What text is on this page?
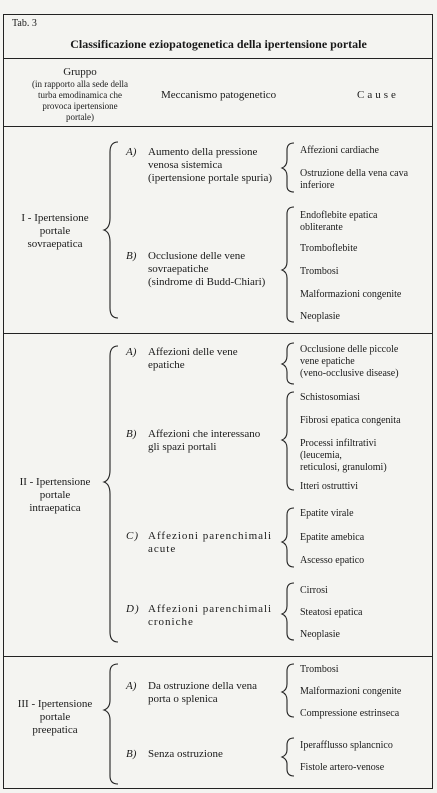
Tab. 3
Classificazione eziopatogenetica della ipertensione portale
Gruppo
(in rapporto alla sede della
turba emodinamica che
provoca ipertensione
portale)
Meccanismo patogenetico	Cause
I - Ipertensione
portale
sovraepatica
A) Aumento della pressione
venosa sistemica
(ipertensione portale spuria)
Affezioni cardiache
Ostruzione della vena cava
inferiore
B) Occlusione delle vene
sovraepatiche
(sindrome di Budd-Chiari)
Endoflebite epatica
obliterante
Tromboflebite
Trombosi
Malformazioni congenite
Neoplasie
II - Ipertensione
portale
intraepatica
A) Affezioni delle vene
epatiche
Occlusione delle piccole
vene epatiche
(veno-occlusive disease)
B) Affezioni che interessano
gli spazi portali
Schistosomiasi
Fibrosi epatica congenita
Processi infiltrativi
(leucemia,
reticulosi, granulomi)
Itteri ostruttivi
C) Affezioni parenchimali
acute
Epatite virale
Epatite amebica
Ascesso epatico
D) Affezioni parenchimali
croniche
Cirrosi
Steatosi epatica
Neoplasie
III - Ipertensione
portale
preepatica
A) Da ostruzione della vena
porta o splenica
Trombosi
Malformazioni congenite
Compressione estrinseca
B) Senza ostruzione
Iperafflusso splancnico
Fistole artero-venose
